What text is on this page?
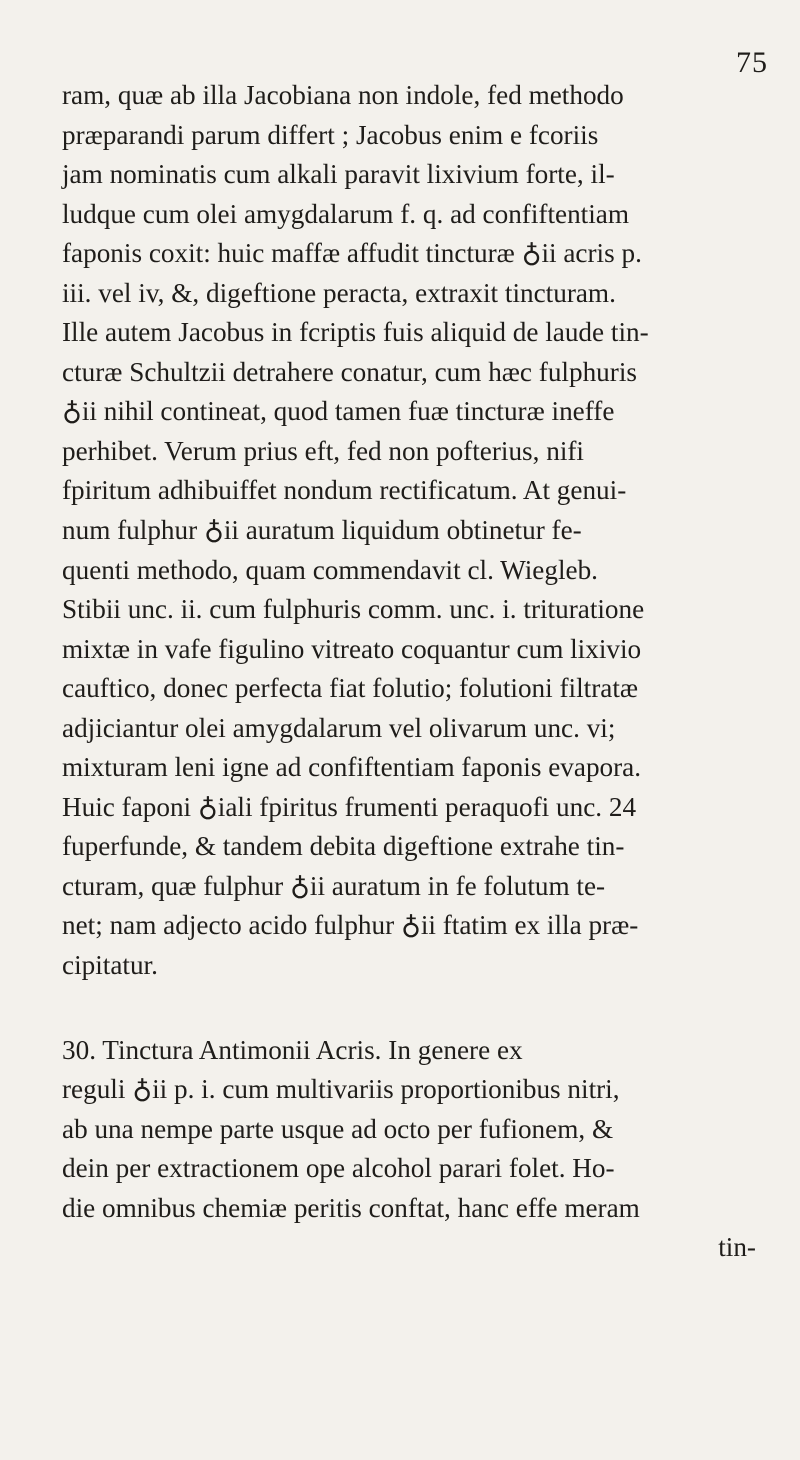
75
ram, quæ ab illa Jacobiana non indole, fed methodo
præparandi parum differt ; Jacobus enim e fcoriis
jam nominatis cum alkali paravit lixivium forte, il-
ludque cum olei amygdalarum f. q. ad confiftentiam
faponis coxit: huic maffæ affudit tincturæ ♁ii acris p.
iii. vel iv, &, digeftione peracta, extraxit tincturam.
Ille autem Jacobus in fcriptis fuis aliquid de laude tin-
cturæ Schultzii detrahere conatur, cum hæc fulphuris
♁ii nihil contineat, quod tamen fuæ tincturæ ineffe
perhibet. Verum prius eft, fed non pofterius, nifi
fpiritum adhibuiffet nondum rectificatum. At genui-
num fulphur ♁ii auratum liquidum obtinetur fe-
quenti methodo, quam commendavit cl. Wiegleb.
Stibii unc. ii. cum fulphuris comm. unc. i. trituratione
mixtæ in vafe figulino vitreato coquantur cum lixivio
cauftico, donec perfecta fiat folutio; folutioni filtratæ
adjiciantur olei amygdalarum vel olivarum unc. vi;
mixturam leni igne ad confiftentiam faponis evapora.
Huic faponi ♁iali fpiritus frumenti peraquofi unc. 24
fuperfunde, & tandem debita digeftione extrahe tin-
cturam, quæ fulphur ♁ii auratum in fe folutum te-
net; nam adjecto acido fulphur ♁ii ftatim ex illa præ-
cipitatur.
30. Tinctura Antimonii Acris. In genere ex
reguli ♁ii p. i. cum multivariis proportionibus nitri,
ab una nempe parte usque ad octo per fufionem, &
dein per extractionem ope alcohol parari folet. Ho-
die omnibus chemiæ peritis conftat, hanc effe meram
tin-
